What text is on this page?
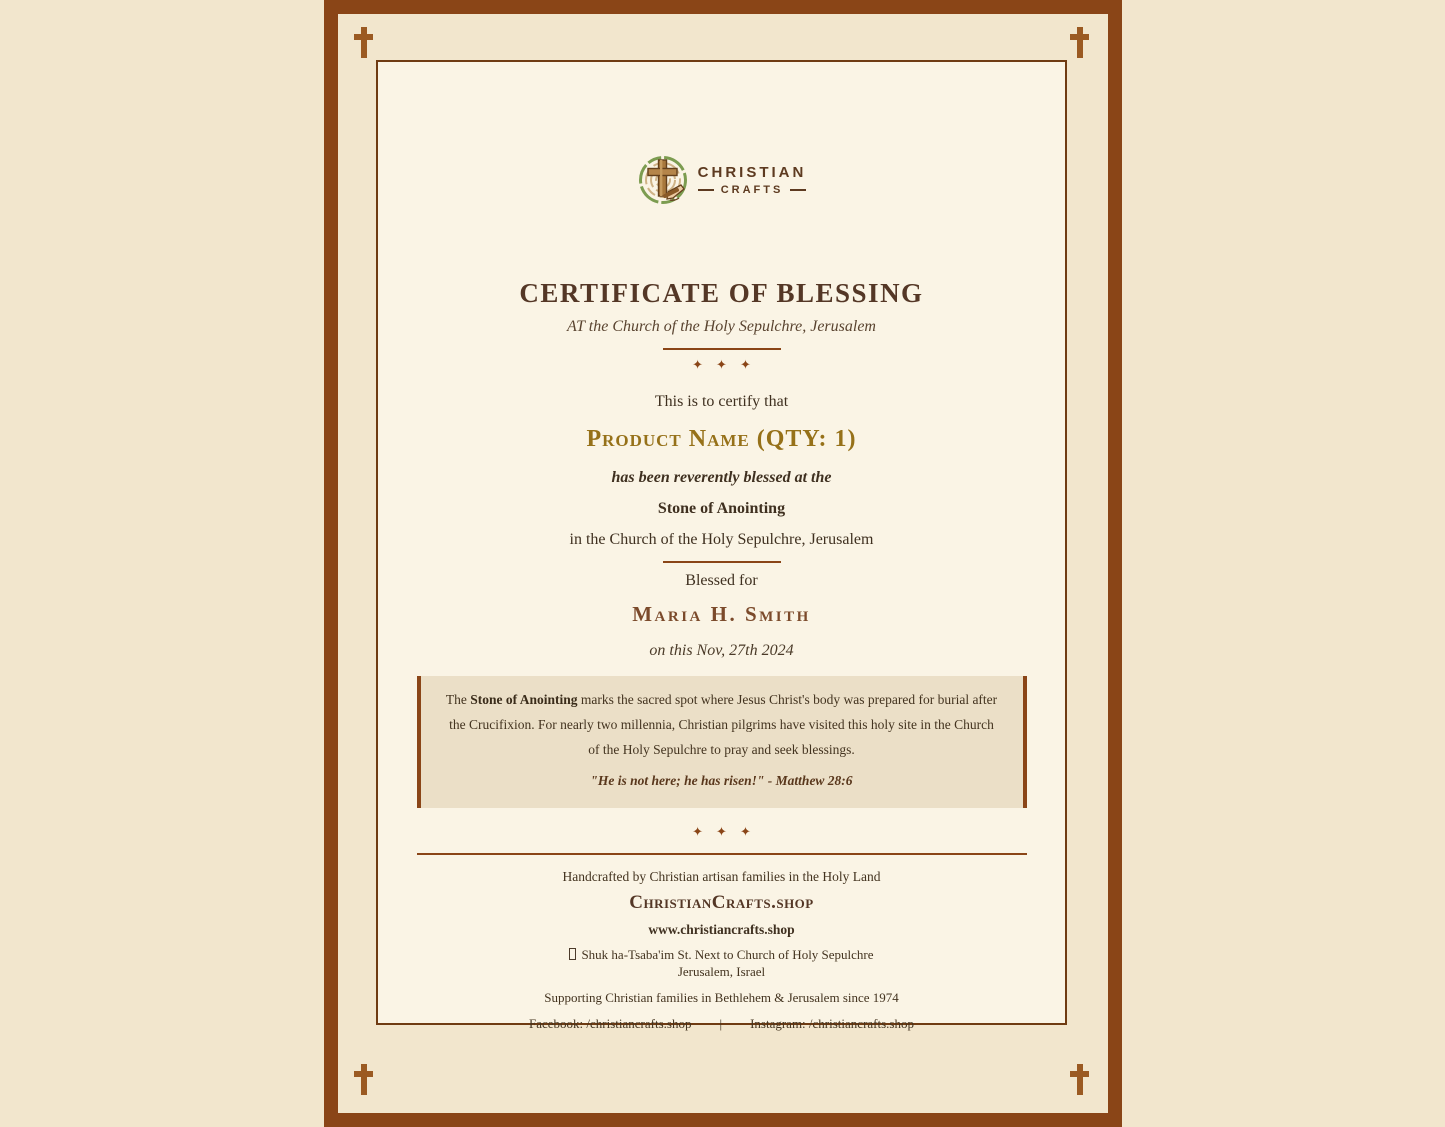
CHRISTIAN
CRAFTS
CERTIFICATE OF BLESSING
AT the Church of the Holy Sepulchre, Jerusalem
✦ ✦ ✦
This is to certify that
Product Name (QTY: 1)
has been reverently blessed at the
Stone of Anointing
in the Church of the Holy Sepulchre, Jerusalem
Blessed for
Maria H. Smith
on this Nov, 27th 2024
The Stone of Anointing marks the sacred spot where Jesus Christ's body was prepared for burial after the Crucifixion. For nearly two millennia, Christian pilgrims have visited this holy site in the Church of the Holy Sepulchre to pray and seek blessings.
"He is not here; he has risen!" - Matthew 28:6
✦ ✦ ✦
Handcrafted by Christian artisan families in the Holy Land
ChristianCrafts.shop
www.christiancrafts.shop
Shuk ha-Tsaba'im St. Next to Church of Holy Sepulchre
Jerusalem, Israel
Supporting Christian families in Bethlehem & Jerusalem since 1974
Facebook: /christiancrafts.shop | Instagram: /christiancrafts.shop
